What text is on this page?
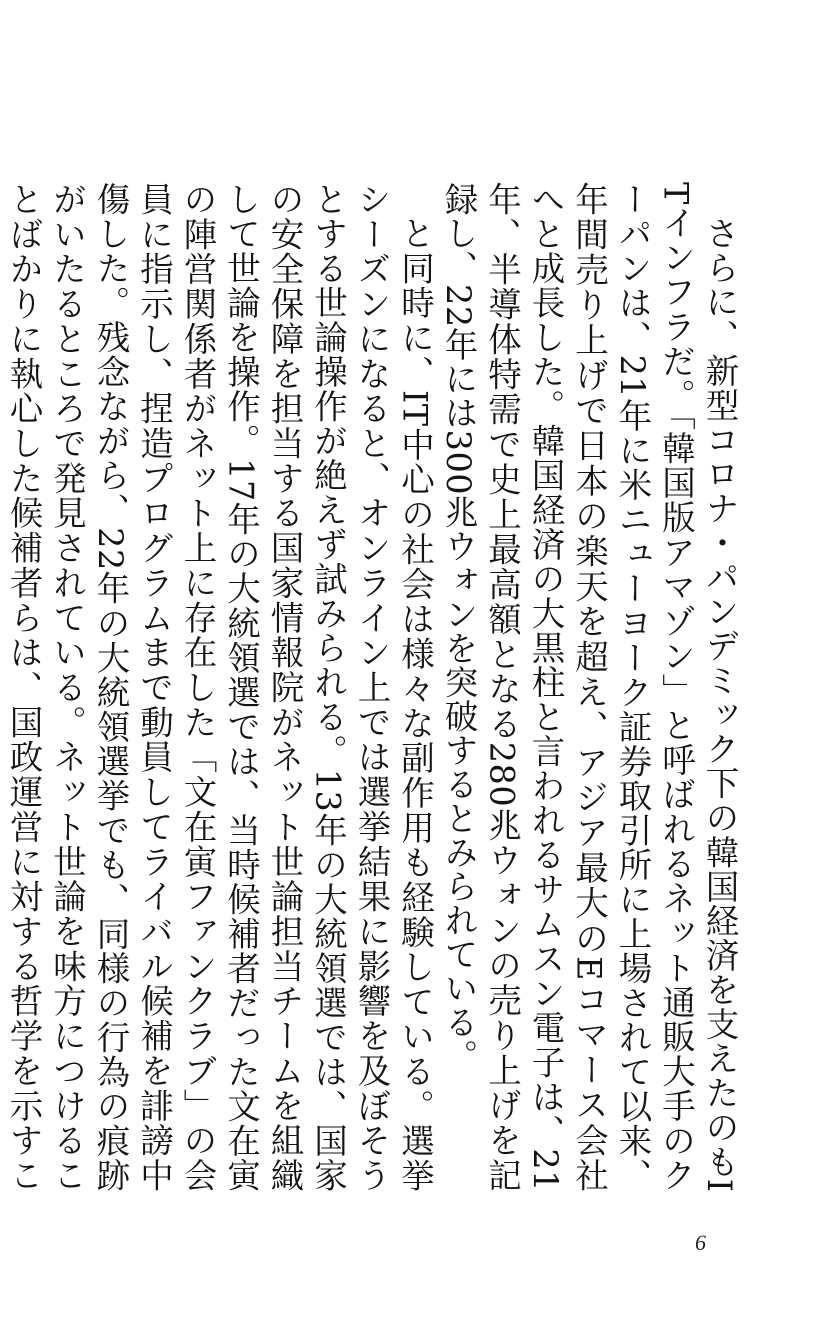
さらに、新型コロナ・パンデミック下の韓国経済を支えたのもITインフラだ。「韓国版アマゾン」と呼ばれるネット通販大手のクーパンは、21年に米ニューヨーク証券取引所に上場されて以来、年間売り上げで日本の楽天を超え、アジア最大のEコマース会社へと成長した。韓国経済の大黒柱と言われるサムスン電子は、21年、半導体特需で史上最高額となる280兆ウォンの売り上げを記録し、22年には300兆ウォンを突破するとみられている。

と同時に、IT中心の社会は様々な副作用も経験している。選挙シーズンになると、オンライン上では選挙結果に影響を及ぼそうとする世論操作が絶えず試みられる。13年の大統領選では、国家の安全保障を担当する国家情報院がネット世論担当チームを組織して世論を操作。17年の大統領選では、当時候補者だった文在寅の陣営関係者がネット上に存在した「文在寅ファンクラブ」の会員に指示し、捏造プログラムまで動員してライバル候補を誹謗中傷した。残念ながら、22年の大統領選挙でも、同様の行為の痕跡がいたるところで発見されている。ネット世論を味方につけることばかりに執心した候補者らは、国政運営に対する哲学を示すこ

6
